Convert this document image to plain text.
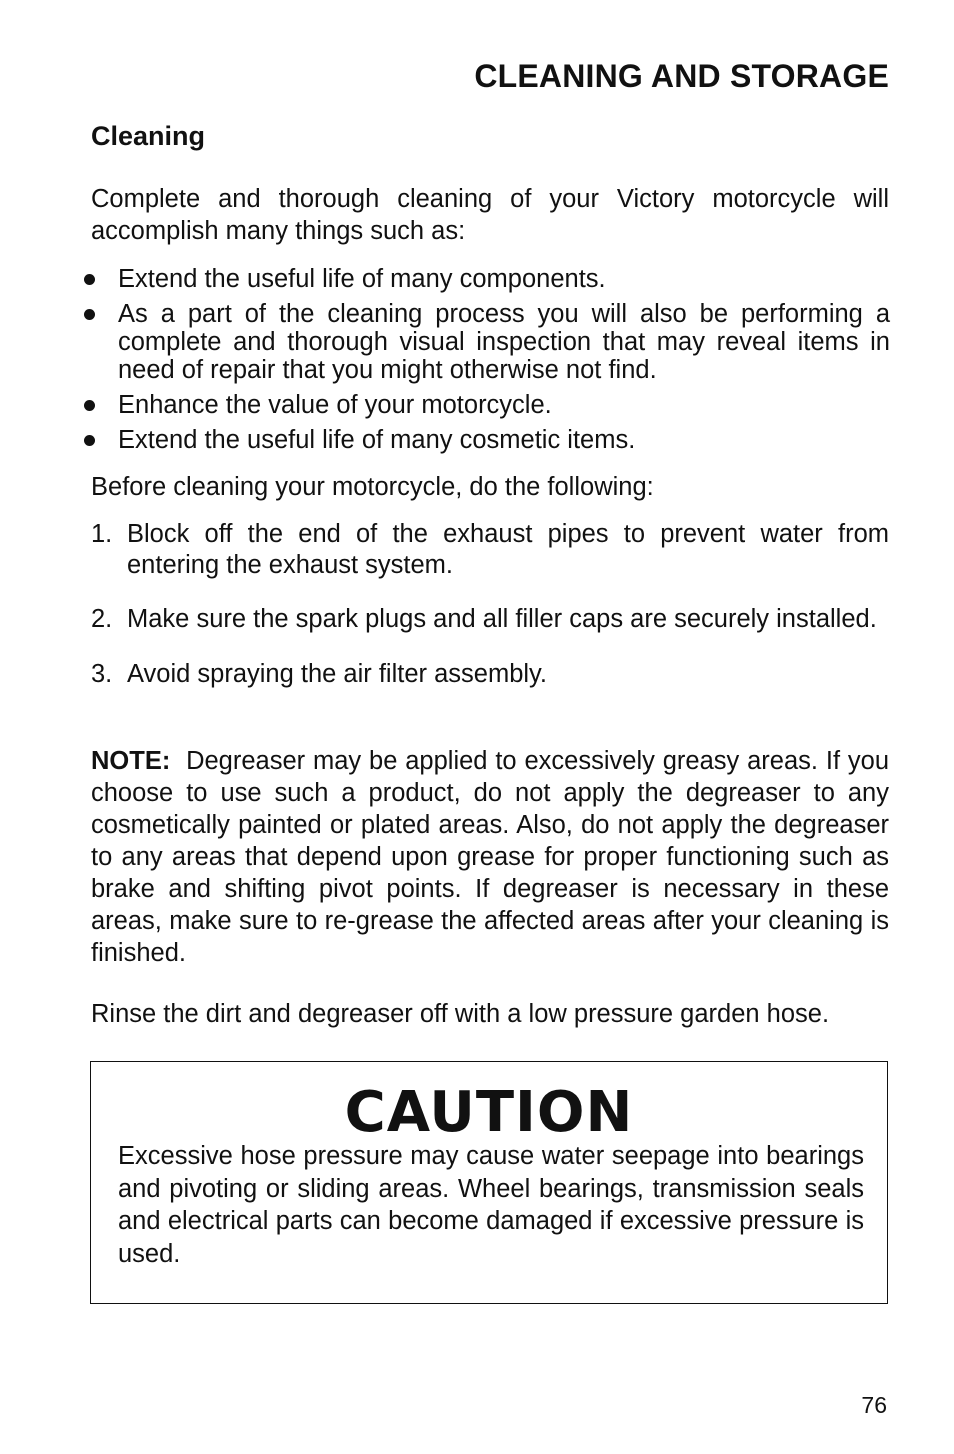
CLEANING AND STORAGE
Cleaning

Complete and thorough cleaning of your Victory motorcycle will accomplish many things such as:

Extend the useful life of many components.
As a part of the cleaning process you will also be performing a complete and thorough visual inspection that may reveal items in need of repair that you might otherwise not find.
Enhance the value of your motorcycle.
Extend the useful life of many cosmetic items.

Before cleaning your motorcycle, do the following:

1. Block off the end of the exhaust pipes to prevent water from entering the exhaust system.
2. Make sure the spark plugs and all filler caps are securely installed.
3. Avoid spraying the air filter assembly.

NOTE: Degreaser may be applied to excessively greasy areas. If you choose to use such a product, do not apply the degreaser to any cosmetically painted or plated areas. Also, do not apply the degreaser to any areas that depend upon grease for proper functioning such as brake and shifting pivot points. If degreaser is necessary in these areas, make sure to re‑grease the affected areas after your cleaning is finished.

Rinse the dirt and degreaser off with a low pressure garden hose.

CAUTION

Excessive hose pressure may cause water seepage into bearings and pivoting or sliding areas. Wheel bearings, transmission seals and electrical parts can become damaged if excessive pressure is used.

76
